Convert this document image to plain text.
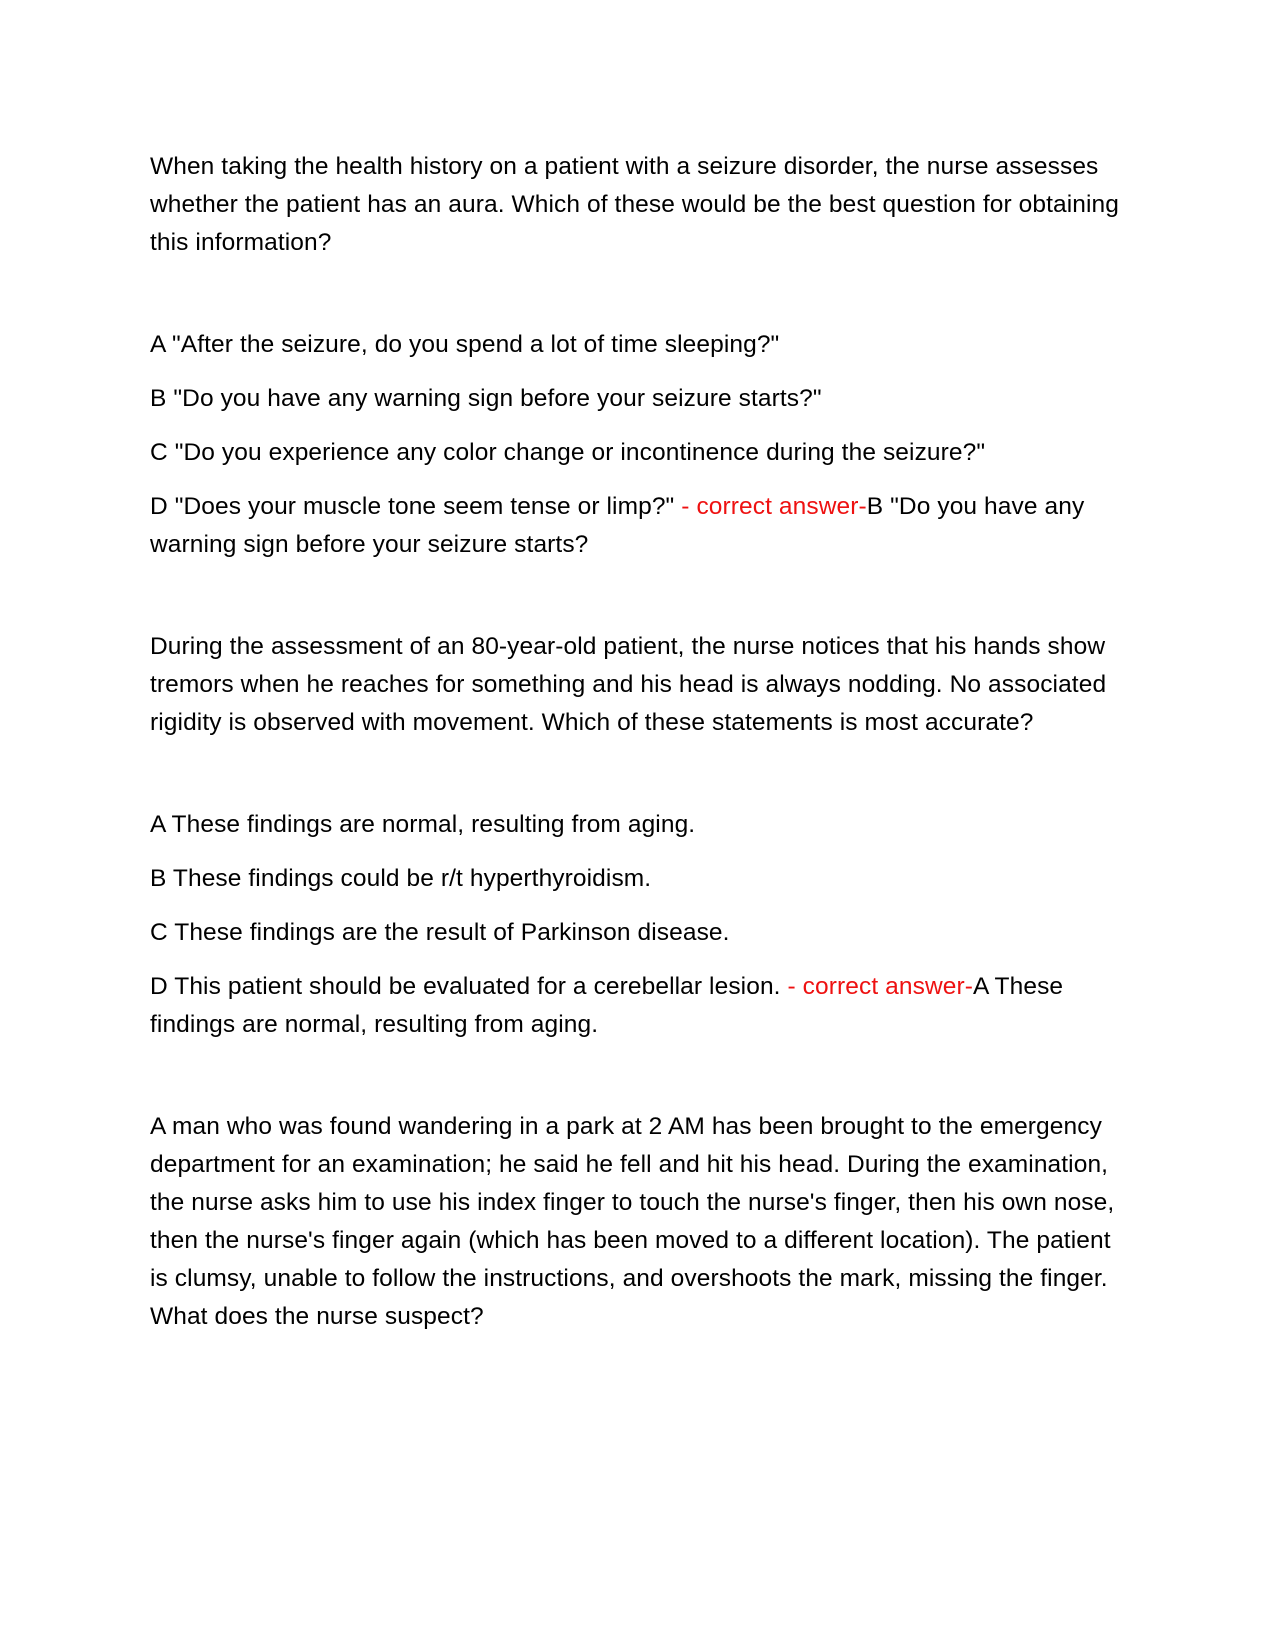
When taking the health history on a patient with a seizure disorder, the nurse assesses whether the patient has an aura. Which of these would be the best question for obtaining this information?

A "After the seizure, do you spend a lot of time sleeping?"

B "Do you have any warning sign before your seizure starts?"

C "Do you experience any color change or incontinence during the seizure?"

D "Does your muscle tone seem tense or limp?" - correct answer-B "Do you have any warning sign before your seizure starts?

During the assessment of an 80-year-old patient, the nurse notices that his hands show tremors when he reaches for something and his head is always nodding. No associated rigidity is observed with movement. Which of these statements is most accurate?

A These findings are normal, resulting from aging.

B These findings could be r/t hyperthyroidism.

C These findings are the result of Parkinson disease.

D This patient should be evaluated for a cerebellar lesion. - correct answer-A These findings are normal, resulting from aging.

A man who was found wandering in a park at 2 AM has been brought to the emergency department for an examination; he said he fell and hit his head. During the examination, the nurse asks him to use his index finger to touch the nurse's finger, then his own nose, then the nurse's finger again (which has been moved to a different location). The patient is clumsy, unable to follow the instructions, and overshoots the mark, missing the finger. What does the nurse suspect?
